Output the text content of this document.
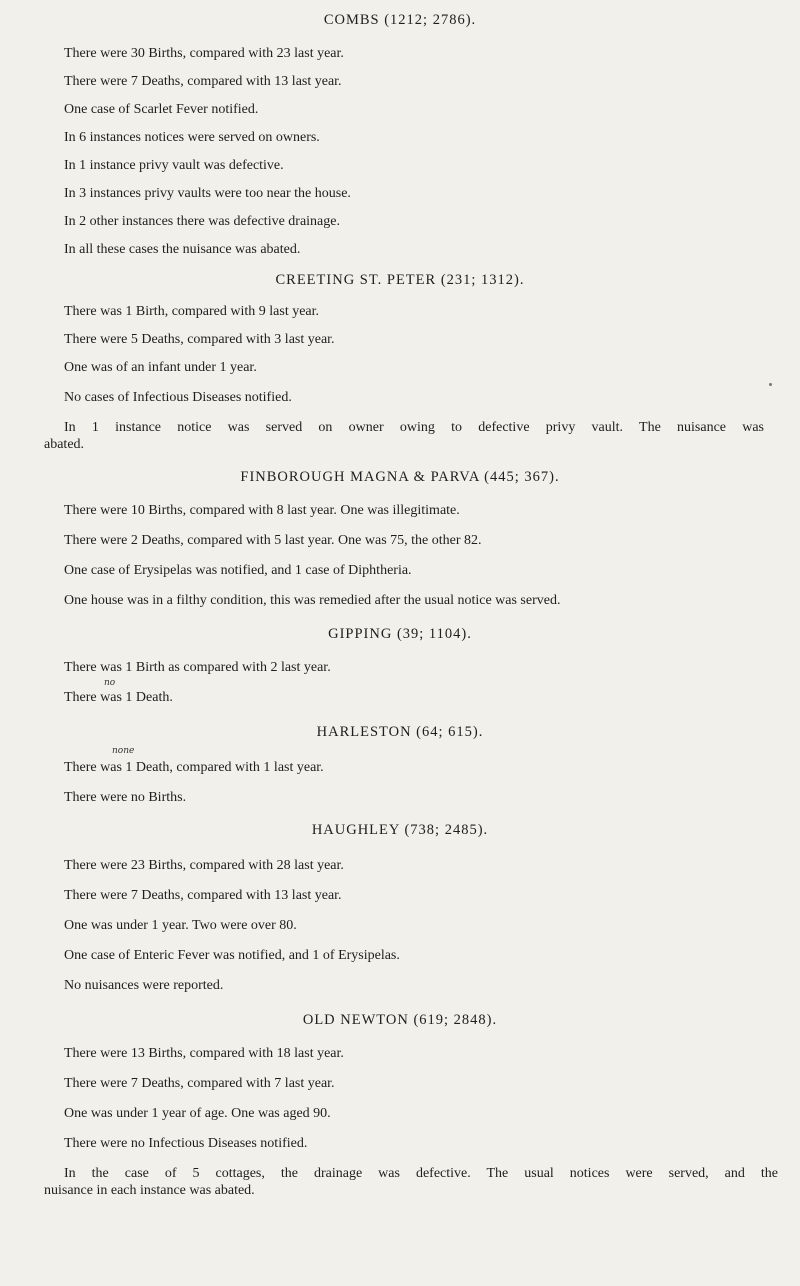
COMBS (1212; 2786).
There were 30 Births, compared with 23 last year.
There were 7 Deaths, compared with 13 last year.
One case of Scarlet Fever notified.
In 6 instances notices were served on owners.
In 1 instance privy vault was defective.
In 3 instances privy vaults were too near the house.
In 2 other instances there was defective drainage.
In all these cases the nuisance was abated.
CREETING ST. PETER (231; 1312).
There was 1 Birth, compared with 9 last year.
There were 5 Deaths, compared with 3 last year.
One was of an infant under 1 year.
No cases of Infectious Diseases notified.
In 1 instance notice was served on owner owing to defective privy vault. The nuisance was
abated.
FINBOROUGH MAGNA & PARVA (445; 367).
There were 10 Births, compared with 8 last year. One was illegitimate.
There were 2 Deaths, compared with 5 last year. One was 75, the other 82.
One case of Erysipelas was notified, and 1 case of Diphtheria.
One house was in a filthy condition, this was remedied after the usual notice was served.
GIPPING (39; 1104).
There was 1 Birth as compared with 2 last year.
no
There was 1 Death.
HARLESTON (64; 615).
none
There was 1 Death, compared with 1 last year.
There were no Births.
HAUGHLEY (738; 2485).
There were 23 Births, compared with 28 last year.
There were 7 Deaths, compared with 13 last year.
One was under 1 year. Two were over 80.
One case of Enteric Fever was notified, and 1 of Erysipelas.
No nuisances were reported.
OLD NEWTON (619; 2848).
There were 13 Births, compared with 18 last year.
There were 7 Deaths, compared with 7 last year.
One was under 1 year of age. One was aged 90.
There were no Infectious Diseases notified.
In the case of 5 cottages, the drainage was defective. The usual notices were served, and the
nuisance in each instance was abated.
